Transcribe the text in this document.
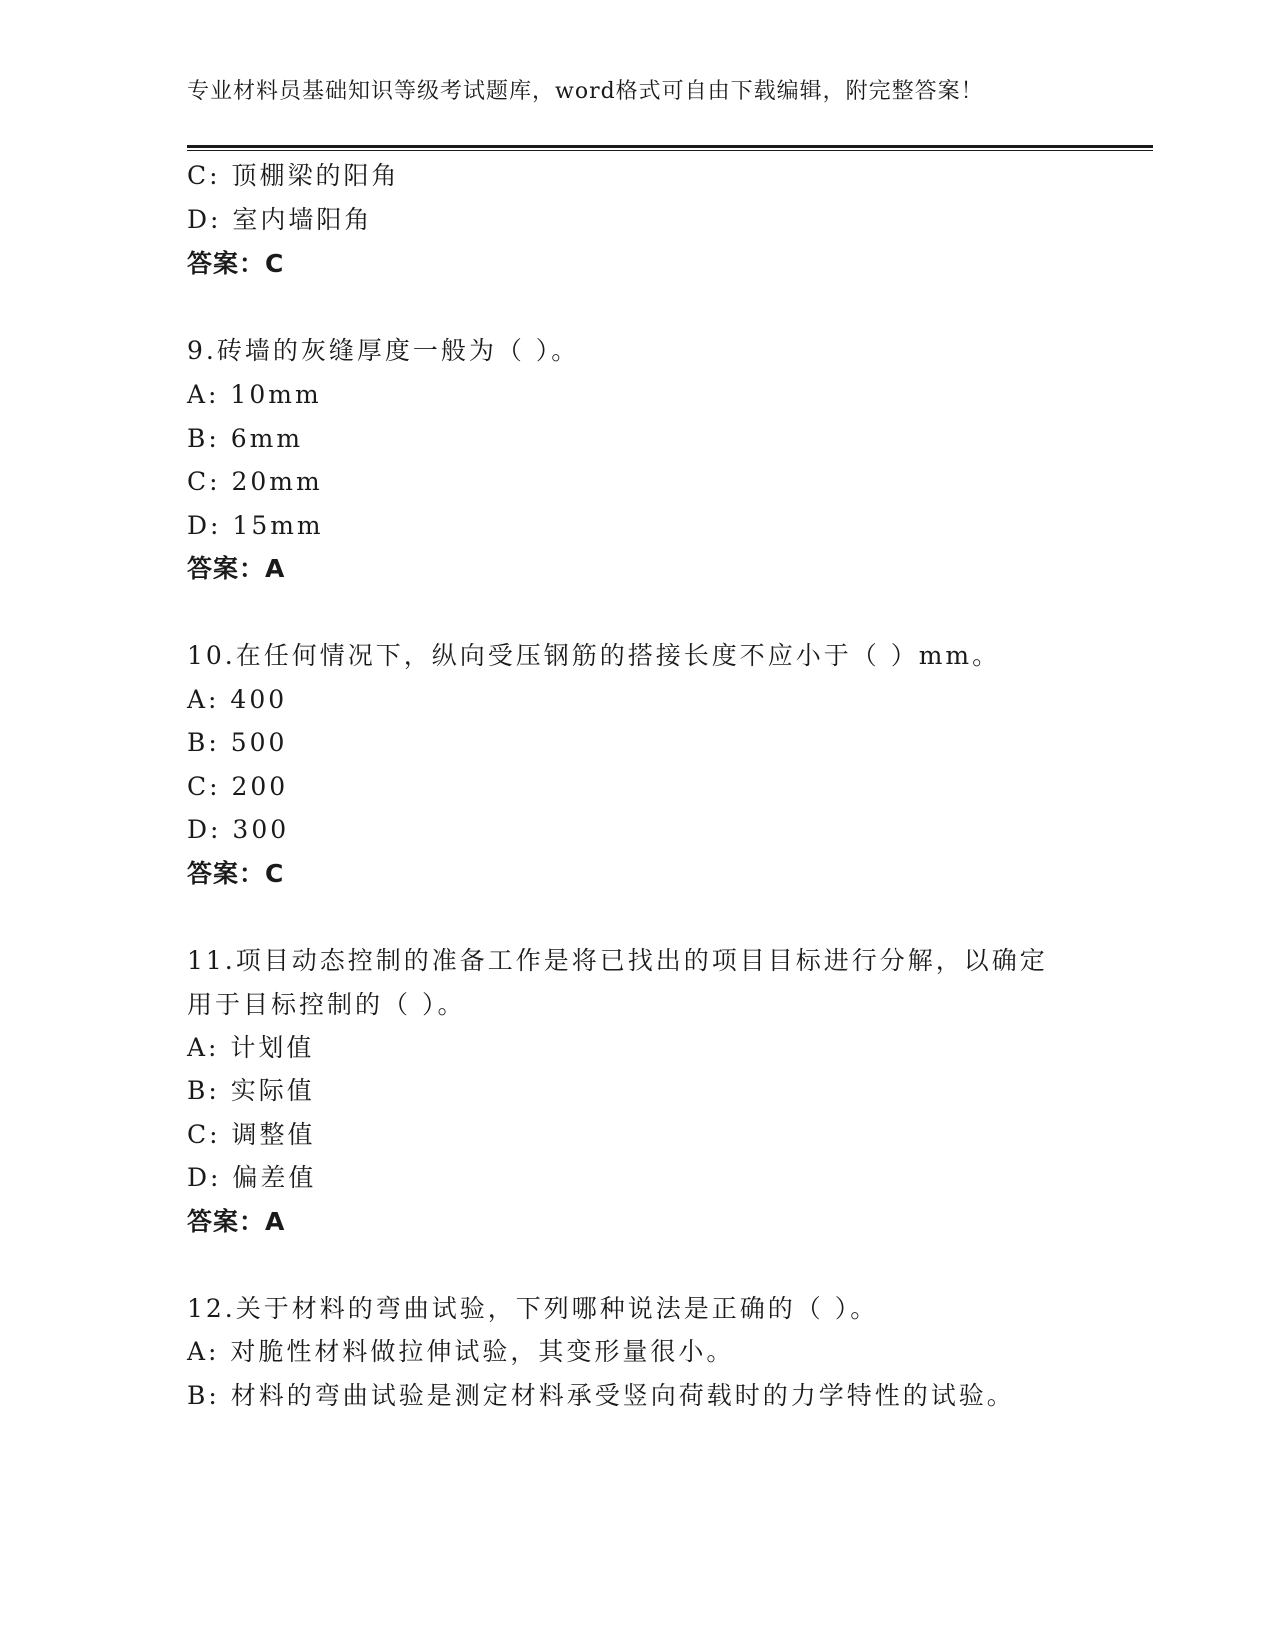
专业材料员基础知识等级考试题库，word格式可自由下载编辑，附完整答案！
C: 顶棚梁的阳角
D: 室内墙阳角
答案：C
9.砖墙的灰缝厚度一般为（ ）。
A: 10mm
B: 6mm
C: 20mm
D: 15mm
答案：A
10.在任何情况下，纵向受压钢筋的搭接长度不应小于（ ）mm。
A: 400
B: 500
C: 200
D: 300
答案：C
11.项目动态控制的准备工作是将已找出的项目目标进行分解，以确定
用于目标控制的（ ）。
A: 计划值
B: 实际值
C: 调整值
D: 偏差值
答案：A
12.关于材料的弯曲试验，下列哪种说法是正确的（ ）。
A: 对脆性材料做拉伸试验，其变形量很小。
B: 材料的弯曲试验是测定材料承受竖向荷载时的力学特性的试验。
